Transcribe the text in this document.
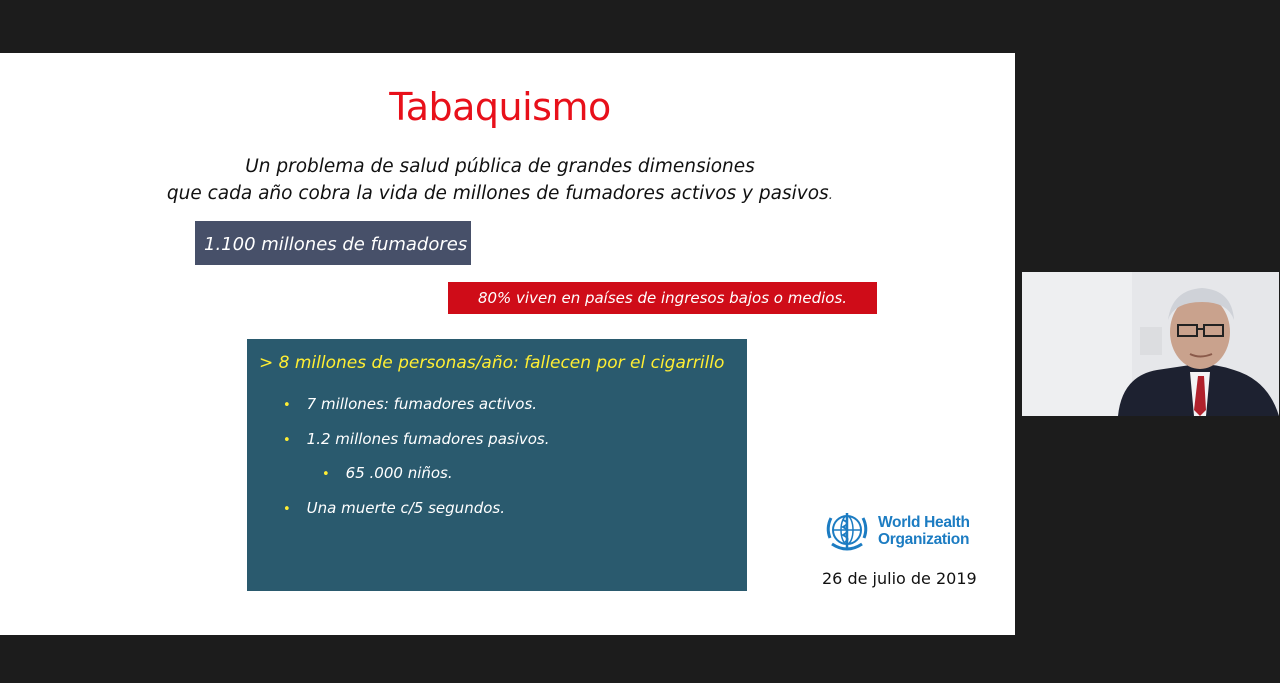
Tabaquismo
Un problema de salud pública de grandes dimensiones
que cada año cobra la vida de millones de fumadores activos y pasivos.
1.100 millones de fumadores
80% viven en países de ingresos bajos o medios.
> 8 millones de personas/año: fallecen por el cigarrillo
• 7 millones: fumadores activos.
• 1.2 millones fumadores pasivos.
• 65 .000 niños.
• Una muerte c/5 segundos.
World Health
Organization
26 de julio de 2019
